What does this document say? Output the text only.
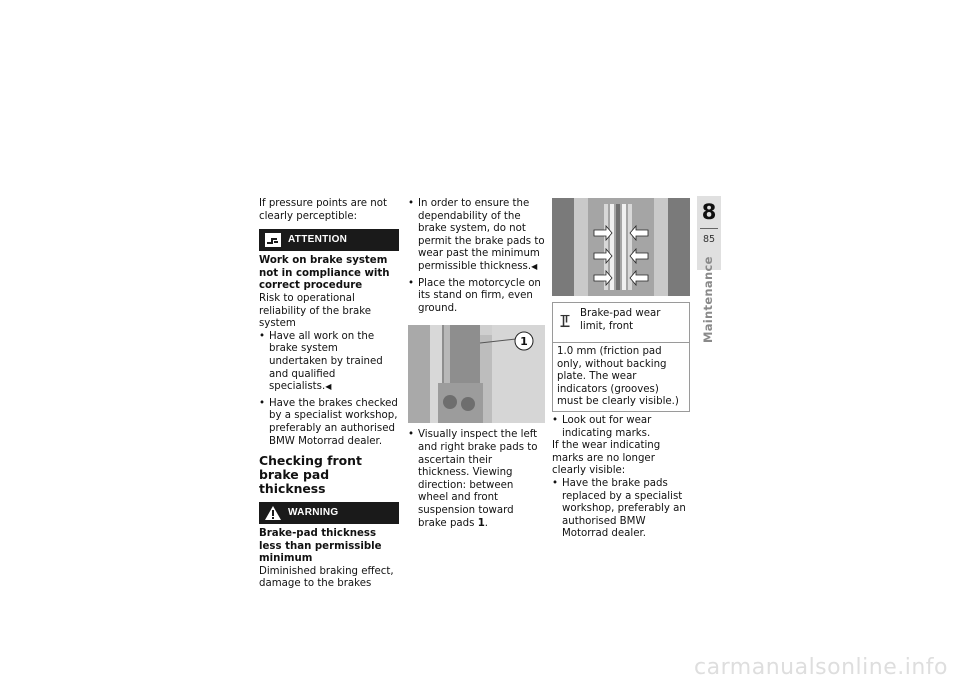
If pressure points are not clearly perceptible:

ATTENTION

Work on brake system not in compliance with correct procedure

Risk to operational reliability of the brake system

• Have all work on the brake system undertaken by trained and qualified specialists.◀
• Have the brakes checked by a specialist workshop, preferably an authorised BMW Motorrad dealer.
Checking front brake pad thickness
WARNING

Brake-pad thickness less than permissible minimum

Diminished braking effect, damage to the brakes

• In order to ensure the dependability of the brake system, do not permit the brake pads to wear past the minimum permissible thickness.◀
• Place the motorcycle on its stand on firm, even ground.
1
• Visually inspect the left and right brake pads to ascertain their thickness. Viewing direction: between wheel and front suspension toward brake pads 1.
Brake-pad wear limit, front
1.0 mm (friction pad only, without backing plate. The wear indicators (grooves) must be clearly visible.)
• Look out for wear indicating marks.

If the wear indicating marks are no longer clearly visible:

• Have the brake pads replaced by a specialist workshop, preferably an authorised BMW Motorrad dealer.
8
85
Maintenance
carmanualsonline.info
